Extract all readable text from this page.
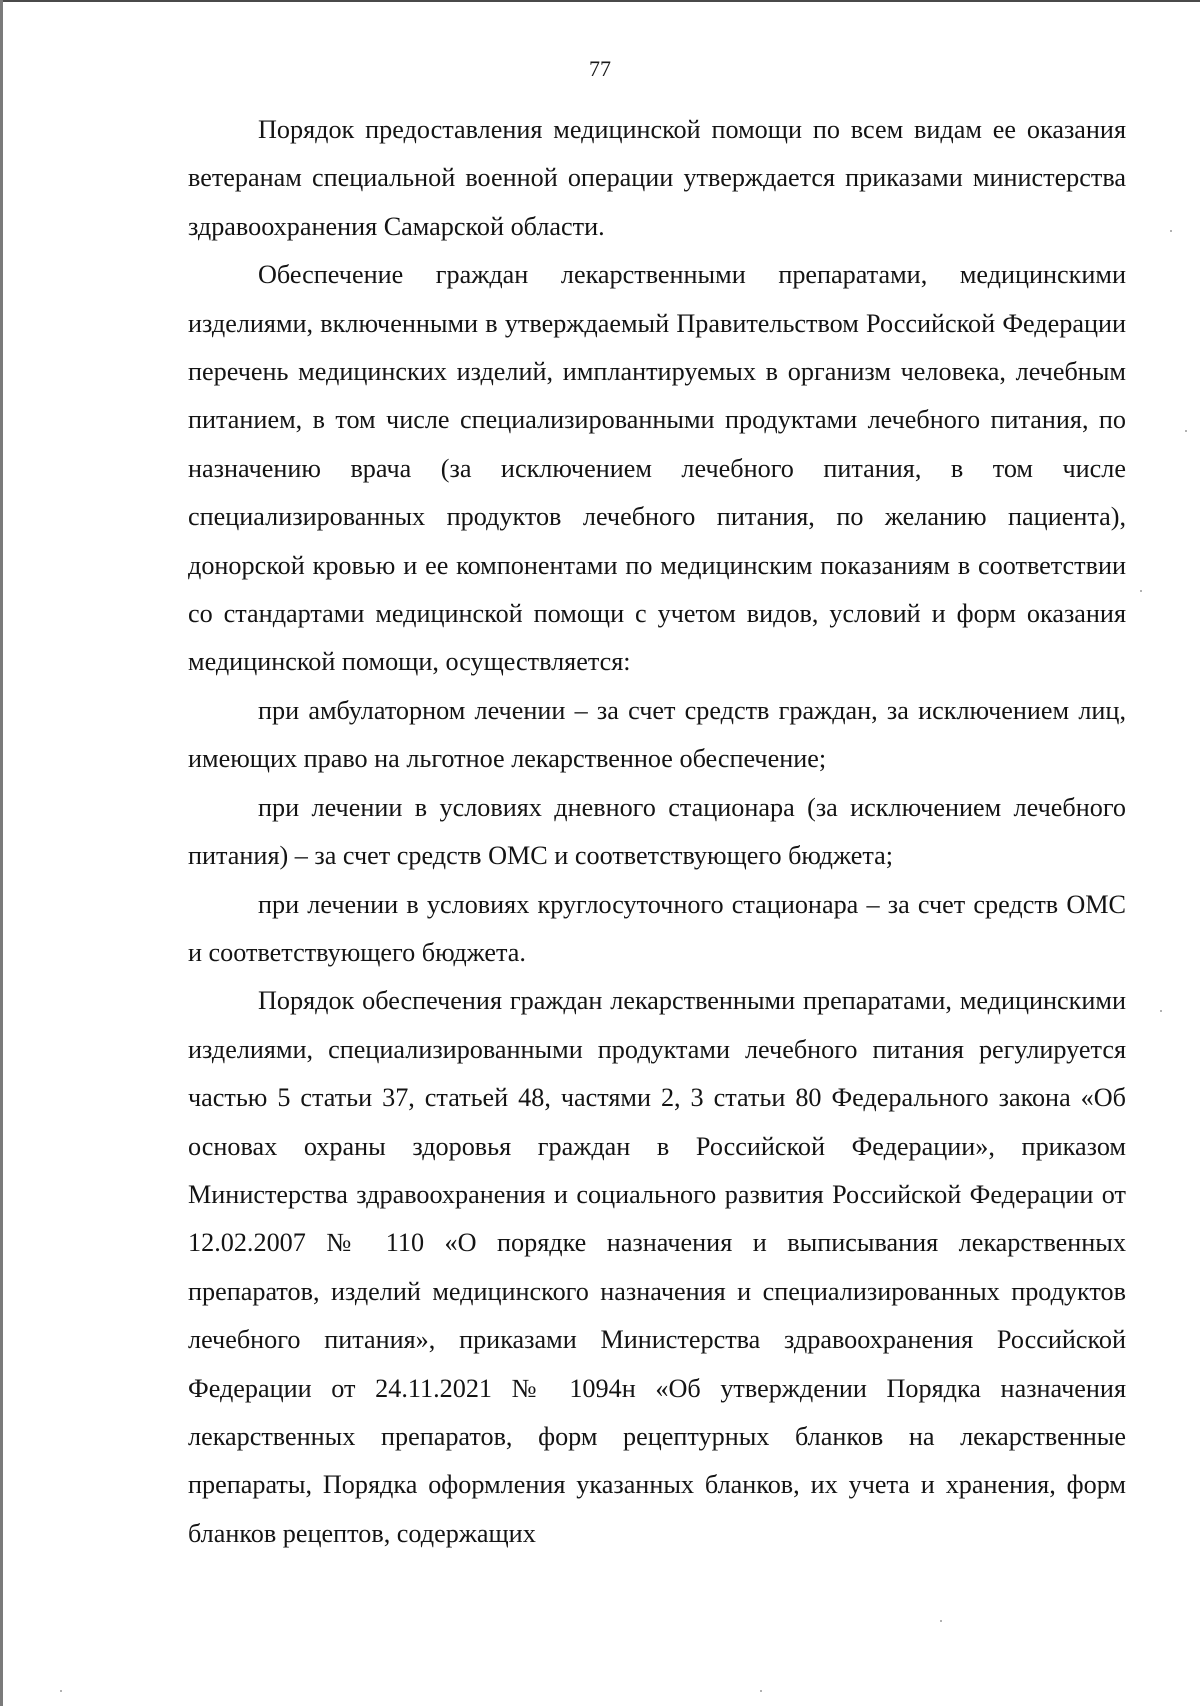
77

Порядок предоставления медицинской помощи по всем видам ее оказания ветеранам специальной военной операции утверждается приказами министерства здравоохранения Самарской области.

Обеспечение граждан лекарственными препаратами, медицинскими изделиями, включенными в утверждаемый Правительством Российской Федерации перечень медицинских изделий, имплантируемых в организм человека, лечебным питанием, в том числе специализированными продуктами лечебного питания, по назначению врача (за исключением лечебного питания, в том числе специализированных продуктов лечебного питания, по желанию пациента), донорской кровью и ее компонентами по медицинским показаниям в соответствии со стандартами медицинской помощи с учетом видов, условий и форм оказания медицинской помощи, осуществляется:

при амбулаторном лечении – за счет средств граждан, за исключением лиц, имеющих право на льготное лекарственное обеспечение;

при лечении в условиях дневного стационара (за исключением лечебного питания) – за счет средств ОМС и соответствующего бюджета;

при лечении в условиях круглосуточного стационара – за счет средств ОМС и соответствующего бюджета.

Порядок обеспечения граждан лекарственными препаратами, медицинскими изделиями, специализированными продуктами лечебного питания регулируется частью 5 статьи 37, статьей 48, частями 2, 3 статьи 80 Федерального закона «Об основах охраны здоровья граждан в Российской Федерации», приказом Министерства здравоохранения и социального развития Российской Федерации от 12.02.2007 № 110 «О порядке назначения и выписывания лекарственных препаратов, изделий медицинского назначения и специализированных продуктов лечебного питания», приказами Министерства здравоохранения Российской Федерации от 24.11.2021 № 1094н «Об утверждении Порядка назначения лекарственных препаратов, форм рецептурных бланков на лекарственные препараты, Порядка оформления указанных бланков, их учета и хранения, форм бланков рецептов, содержащих
